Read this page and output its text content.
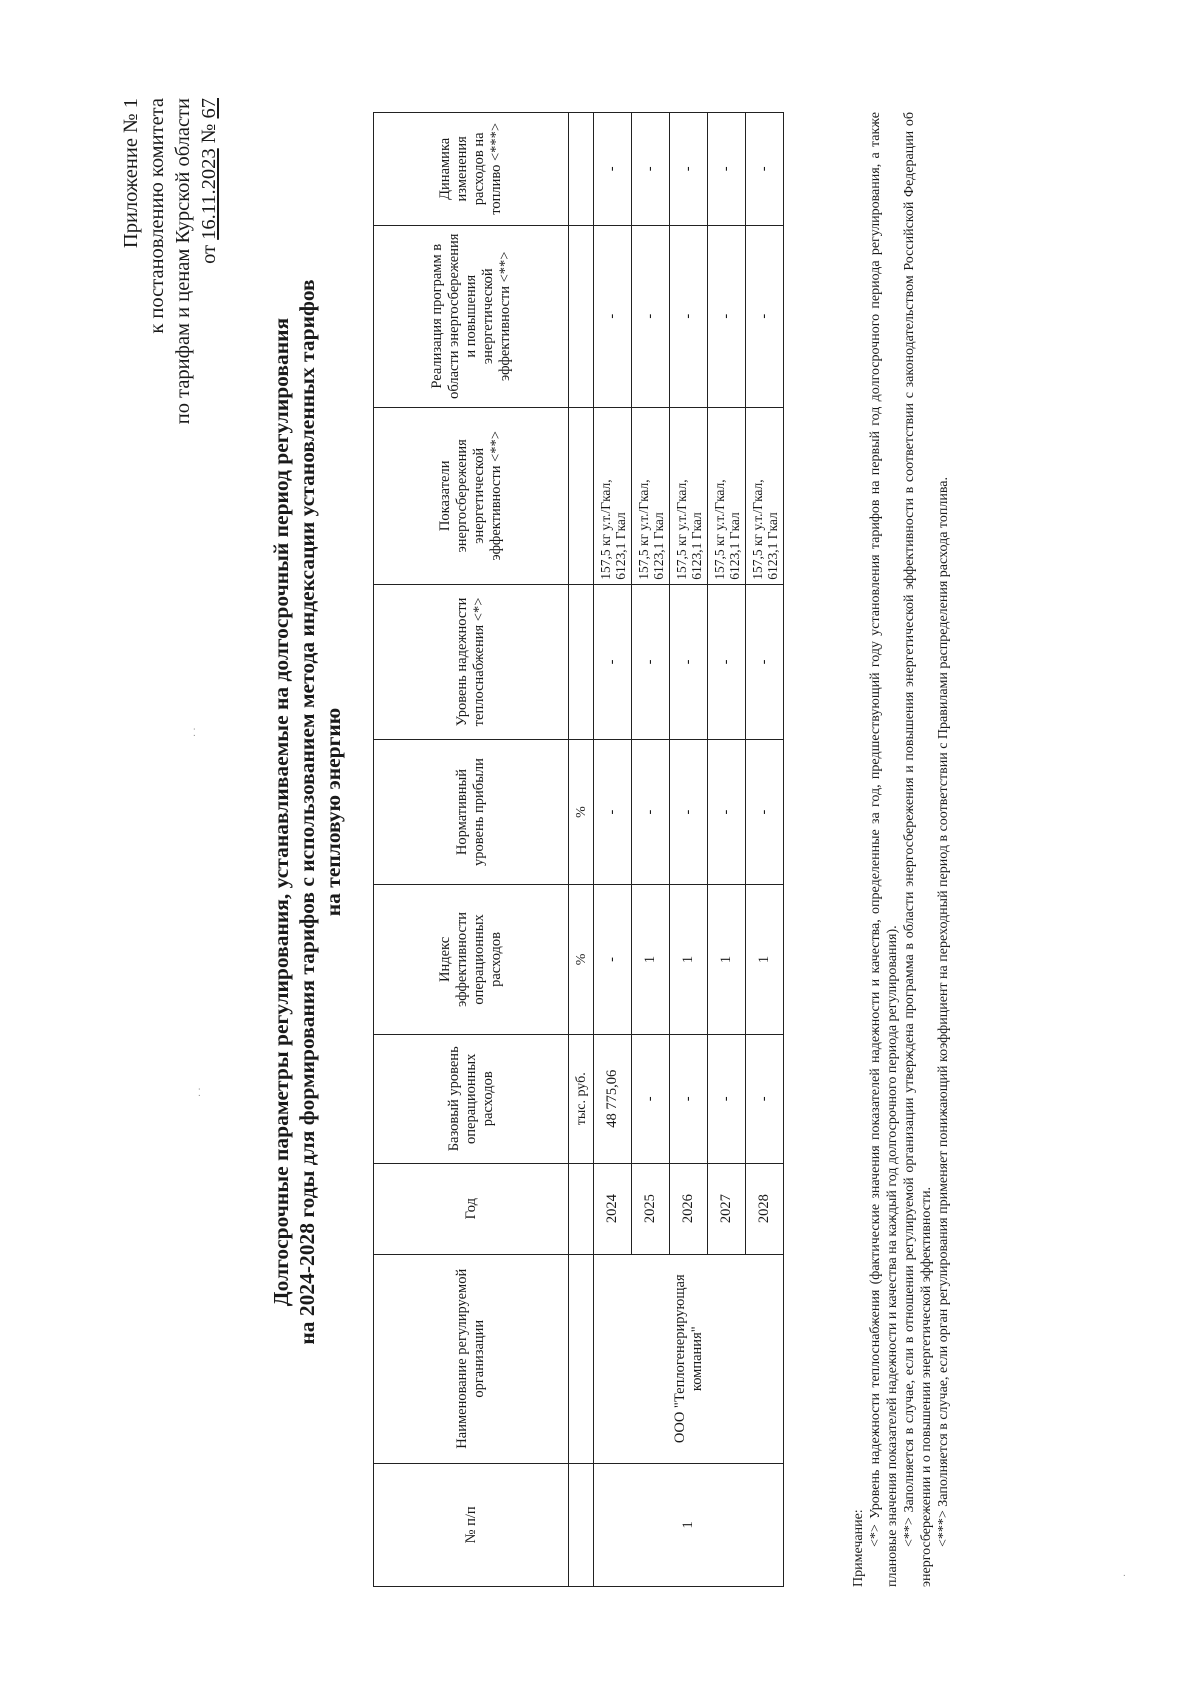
Приложение № 1 к постановлению комитета по тарифам и ценам Курской области от 16.11.2023 № 67
Долгосрочные параметры регулирования, устанавливаемые на долгосрочный период регулирования на 2024-2028 годы для формирования тарифов с использованием метода индексации установленных тарифов на тепловую энергию
№ п/п	Наименование регулируемой организации	Год	Базовый уровень операционных расходов	Индекс эффективности операционных расходов	Нормативный уровень прибыли	Уровень надежности теплоснабжения <*>	Показатели энергосбережения энергетической эффективности <**>	Реализация программ в области энергосбережения и повышения энергетической эффективности <**>	Динамика изменения расходов на топливо <***>
			тыс. руб.	%	%				
1	ООО "Теплогенерирующая компания"	2024	48 775,06	-	-	-	157,5 кг у.т./Гкал, 6123,1 Гкал	-	-
		2025	-	1	-	-	157,5 кг у.т./Гкал, 6123,1 Гкал	-	-
		2026	-	1	-	-	157,5 кг у.т./Гкал, 6123,1 Гкал	-	-
		2027	-	1	-	-	157,5 кг у.т./Гкал, 6123,1 Гкал	-	-
		2028	-	1	-	-	157,5 кг у.т./Гкал, 6123,1 Гкал	-	-

Примечание:

<*> Уровень надежности теплоснабжения (фактические значения показателей надежности и качества, определенные за год, предшествующий году установления тарифов на первый год долгосрочного периода регулирования, а также плановые значения показателей надежности и качества на каждый год долгосрочного периода регулирования). <**> Заполняется в случае, если в отношении регулируемой организации утверждена программа в области энергосбережения и повышения энергетической эффективности в соответствии с законодательством Российской Федерации об энергосбережении и о повышении энергетической эффективности. <***> Заполняется в случае, если орган регулирования применяет понижающий коэффициент на переходный период в соответствии с Правилами распределения расхода топлива.

· ·
· ·
·
